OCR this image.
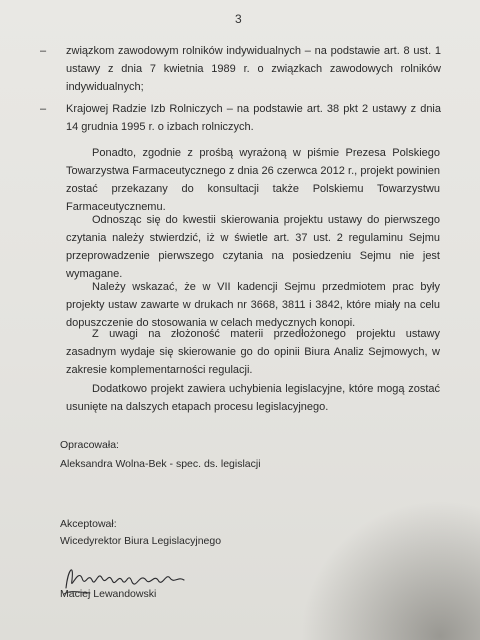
3
– związkom zawodowym rolników indywidualnych – na podstawie art. 8 ust. 1 ustawy z dnia 7 kwietnia 1989 r. o związkach zawodowych rolników indywidualnych;
– Krajowej Radzie Izb Rolniczych – na podstawie art. 38 pkt 2 ustawy z dnia 14 grudnia 1995 r. o izbach rolniczych.

Ponadto, zgodnie z prośbą wyrażoną w piśmie Prezesa Polskiego Towarzystwa Farmaceutycznego z dnia 26 czerwca 2012 r., projekt powinien zostać przekazany do konsultacji także Polskiemu Towarzystwu Farmaceutycznemu.

Odnosząc się do kwestii skierowania projektu ustawy do pierwszego czytania należy stwierdzić, iż w świetle art. 37 ust. 2 regulaminu Sejmu przeprowadzenie pierwszego czytania na posiedzeniu Sejmu nie jest wymagane.

Należy wskazać, że w VII kadencji Sejmu przedmiotem prac były projekty ustaw zawarte w drukach nr 3668, 3811 i 3842, które miały na celu dopuszczenie do stosowania w celach medycznych konopi.

Z uwagi na złożoność materii przedłożonego projektu ustawy zasadnym wydaje się skierowanie go do opinii Biura Analiz Sejmowych, w zakresie komplementarności regulacji.

Dodatkowo projekt zawiera uchybienia legislacyjne, które mogą zostać usunięte na dalszych etapach procesu legislacyjnego.

Opracowała:
Aleksandra Wolna-Bek - spec. ds. legislacji
Akceptował:
Wicedyrektor Biura Legislacyjnego
Maciej Lewandowski
